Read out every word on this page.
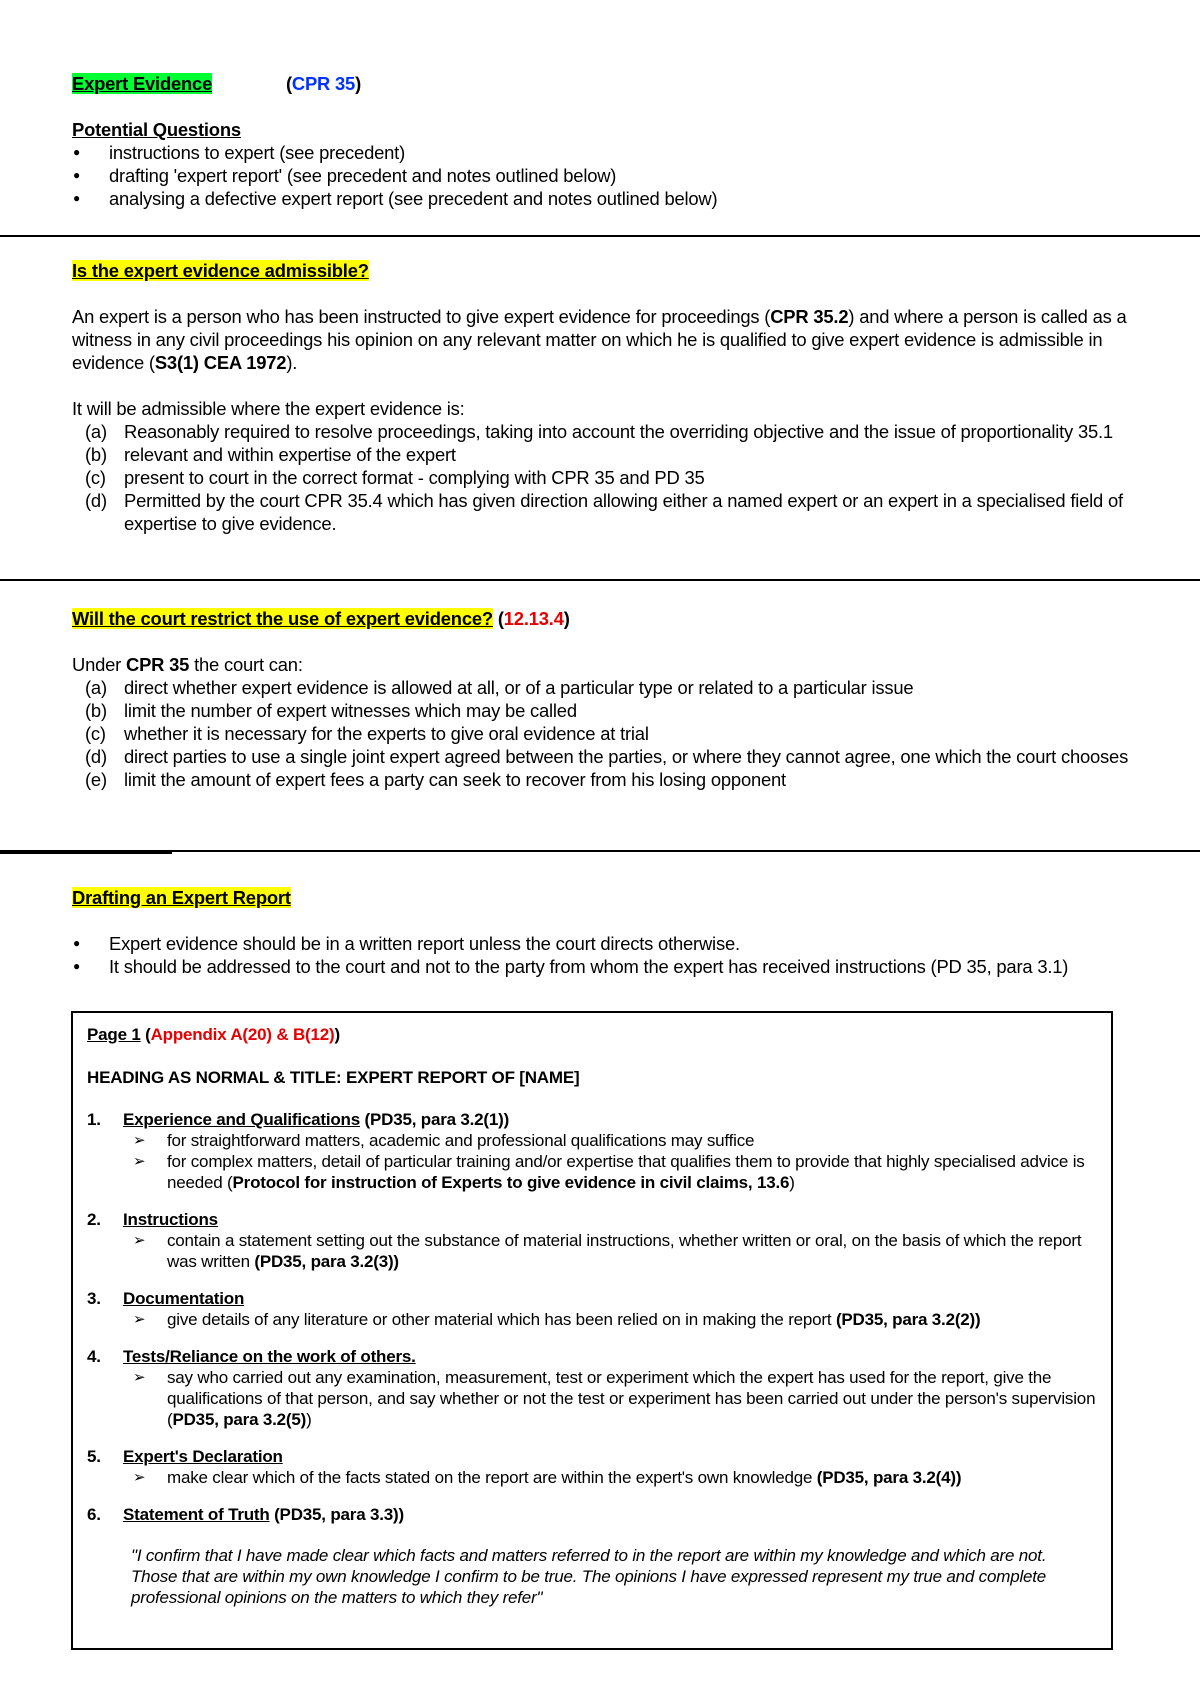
Expert Evidence	(CPR 35)
Potential Questions
● instructions to expert (see precedent)
● drafting 'expert report' (see precedent and notes outlined below)
● analysing a defective expert report (see precedent and notes outlined below)
Is the expert evidence admissible?
An expert is a person who has been instructed to give expert evidence for proceedings (CPR 35.2) and where a person is called as a witness in any civil proceedings his opinion on any relevant matter on which he is qualified to give expert evidence is admissible in evidence (S3(1) CEA 1972).
It will be admissible where the expert evidence is:
(a) Reasonably required to resolve proceedings, taking into account the overriding objective and the issue of proportionality 35.1
(b) relevant and within expertise of the expert
(c) present to court in the correct format - complying with CPR 35 and PD 35
(d) Permitted by the court CPR 35.4 which has given direction allowing either a named expert or an expert in a specialised field of expertise to give evidence.
Will the court restrict the use of expert evidence? (12.13.4)
Under CPR 35 the court can:
(a) direct whether expert evidence is allowed at all, or of a particular type or related to a particular issue
(b) limit the number of expert witnesses which may be called
(c) whether it is necessary for the experts to give oral evidence at trial
(d) direct parties to use a single joint expert agreed between the parties, or where they cannot agree, one which the court chooses
(e) limit the amount of expert fees a party can seek to recover from his losing opponent
Drafting an Expert Report
● Expert evidence should be in a written report unless the court directs otherwise.
● It should be addressed to the court and not to the party from whom the expert has received instructions (PD 35, para 3.1)
Page 1 (Appendix A(20) & B(12))
HEADING AS NORMAL & TITLE: EXPERT REPORT OF [NAME]
1. Experience and Qualifications (PD35, para 3.2(1))
➢ for straightforward matters, academic and professional qualifications may suffice
➢ for complex matters, detail of particular training and/or expertise that qualifies them to provide that highly specialised advice is needed (Protocol for instruction of Experts to give evidence in civil claims, 13.6)
2. Instructions
➢ contain a statement setting out the substance of material instructions, whether written or oral, on the basis of which the report was written (PD35, para 3.2(3))
3. Documentation
➢ give details of any literature or other material which has been relied on in making the report (PD35, para 3.2(2))
4. Tests/Reliance on the work of others.
➢ say who carried out any examination, measurement, test or experiment which the expert has used for the report, give the qualifications of that person, and say whether or not the test or experiment has been carried out under the person's supervision (PD35, para 3.2(5))
5. Expert's Declaration
➢ make clear which of the facts stated on the report are within the expert's own knowledge (PD35, para 3.2(4))
6. Statement of Truth (PD35, para 3.3))
"I confirm that I have made clear which facts and matters referred to in the report are within my knowledge and which are not. Those that are within my own knowledge I confirm to be true. The opinions I have expressed represent my true and complete professional opinions on the matters to which they refer"
